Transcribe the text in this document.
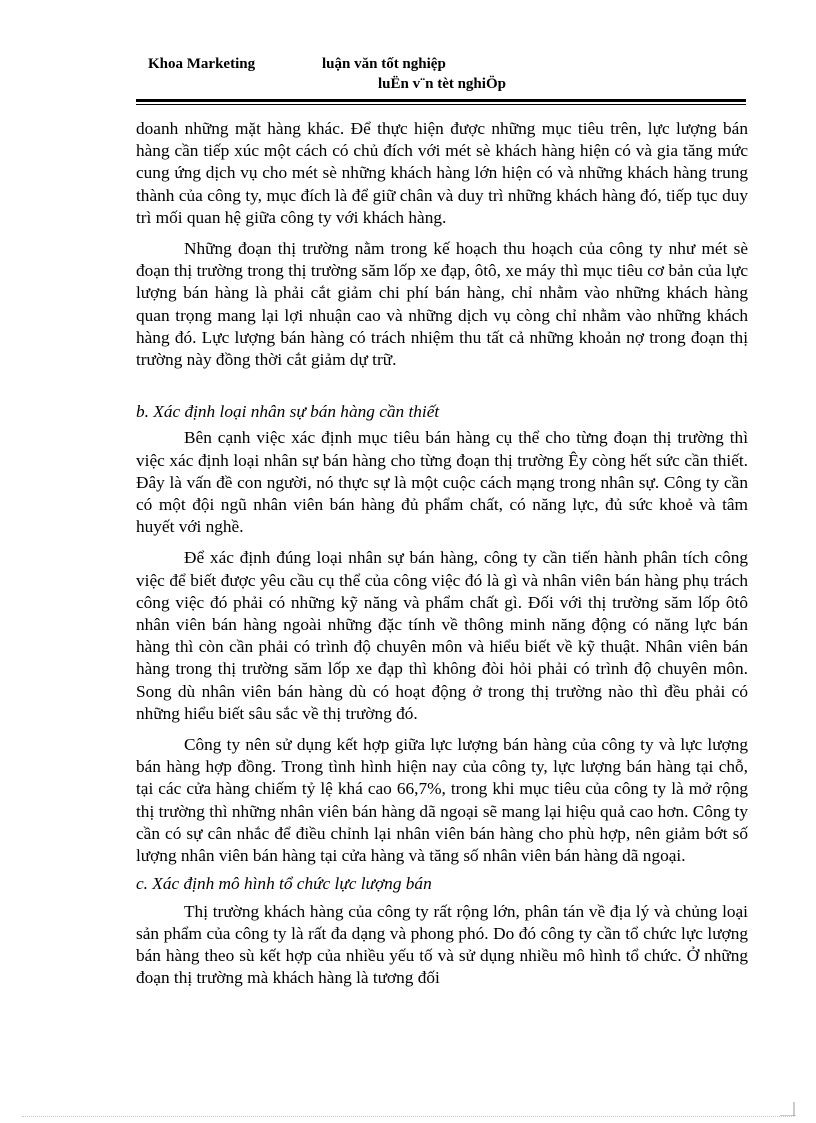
Khoa Marketing	luận văn tốt nghiệp
luËn v¨n tèt nghiÖp

doanh những mặt hàng khác. Để thực hiện được những mục tiêu trên, lực lượng bán hàng cần tiếp xúc một cách có chủ đích với mét sè khách hàng hiện có và gia tăng mức cung ứng dịch vụ cho mét sè những khách hàng lớn hiện có và những khách hàng trung thành của công ty, mục đích là để giữ chân và duy trì những khách hàng đó, tiếp tục duy trì mối quan hệ giữa công ty với khách hàng.

Những đoạn thị trường nằm trong kế hoạch thu hoạch của công ty như mét sè đoạn thị trường trong thị trường săm lốp xe đạp, ôtô, xe máy thì mục tiêu cơ bản của lực lượng bán hàng là phải cắt giảm chi phí bán hàng, chỉ nhằm vào những khách hàng quan trọng mang lại lợi nhuận cao và những dịch vụ còng chỉ nhằm vào những khách hàng đó. Lực lượng bán hàng có trách nhiệm thu tất cả những khoản nợ trong đoạn thị trường này đồng thời cắt giảm dự trữ.

b. Xác định loại nhân sự bán hàng cần thiết

Bên cạnh việc xác định mục tiêu bán hàng cụ thể cho từng đoạn thị trường thì việc xác định loại nhân sự bán hàng cho từng đoạn thị trường Êy còng hết sức cần thiết. Đây là vấn đề con người, nó thực sự là một cuộc cách mạng trong nhân sự. Công ty cần có một đội ngũ nhân viên bán hàng đủ phẩm chất, có năng lực, đủ sức khoẻ và tâm huyết với nghề.

Để xác định đúng loại nhân sự bán hàng, công ty cần tiến hành phân tích công việc để biết được yêu cầu cụ thể của công việc đó là gì và nhân viên bán hàng phụ trách công việc đó phải có những kỹ năng và phẩm chất gì. Đối với thị trường săm lốp ôtô nhân viên bán hàng ngoài những đặc tính về thông minh năng động có năng lực bán hàng thì còn cần phải có trình độ chuyên môn và hiểu biết về kỹ thuật. Nhân viên bán hàng trong thị trường săm lốp xe đạp thì không đòi hỏi phải có trình độ chuyên môn. Song dù nhân viên bán hàng dù có hoạt động ở trong thị trường nào thì đều phải có những hiểu biết sâu sắc về thị trường đó.

Công ty nên sử dụng kết hợp giữa lực lượng bán hàng của công ty và lực lượng bán hàng hợp đồng. Trong tình hình hiện nay của công ty, lực lượng bán hàng tại chỗ, tại các cửa hàng chiếm tỷ lệ khá cao 66,7%, trong khi mục tiêu của công ty là mở rộng thị trường thì những nhân viên bán hàng dã ngoại sẽ mang lại hiệu quả cao hơn. Công ty cần có sự cân nhắc để điều chỉnh lại nhân viên bán hàng cho phù hợp, nên giảm bớt số lượng nhân viên bán hàng tại cửa hàng và tăng số nhân viên bán hàng dã ngoại.

c. Xác định mô hình tổ chức lực lượng bán

Thị trường khách hàng của công ty rất rộng lớn, phân tán về địa lý và chủng loại sản phẩm của công ty là rất đa dạng và phong phó. Do đó công ty cần tổ chức lực lượng bán hàng theo sù kết hợp của nhiều yếu tố và sử dụng nhiều mô hình tổ chức. Ở những đoạn thị trường mà khách hàng là tương đối
